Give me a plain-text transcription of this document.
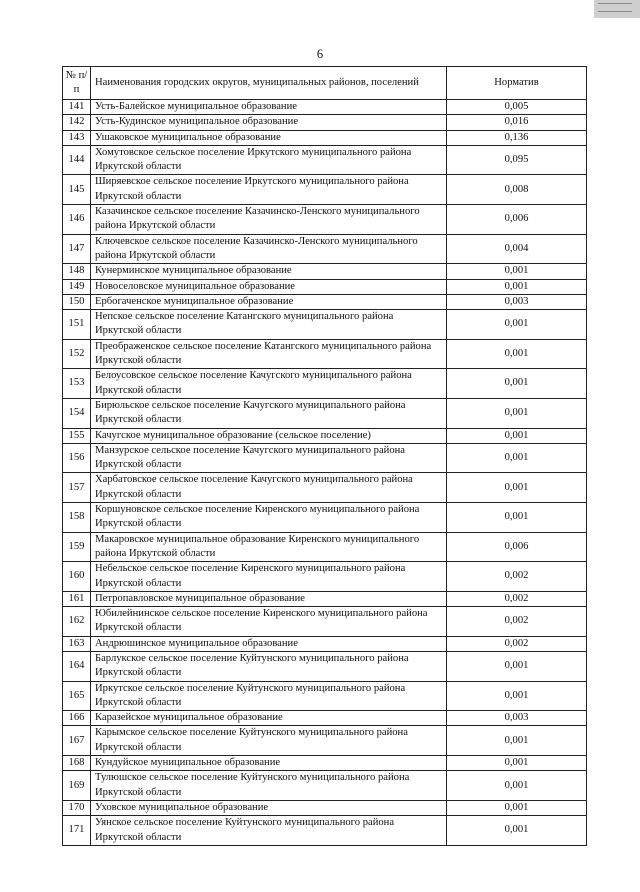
6
№ п/п	Наименования городских округов, муниципальных районов, поселений	Норматив
141	Усть-Балейское муниципальное образование	0,005
142	Усть-Кудинское муниципальное образование	0,016
143	Ушаковское муниципальное образование	0,136
144	Хомутовское сельское поселение Иркутского муниципального района Иркутской области	0,095
145	Ширяевское сельское поселение Иркутского муниципального района Иркутской области	0,008
146	Казачинское сельское поселение Казачинско-Ленского муниципального района Иркутской области	0,006
147	Ключевское сельское поселение Казачинско-Ленского муниципального района Иркутской области	0,004
148	Кунерминское муниципальное образование	0,001
149	Новоселовское муниципальное образование	0,001
150	Ербогаченское муниципальное образование	0,003
151	Непское сельское поселение Катангского муниципального района Иркутской области	0,001
152	Преображенское сельское поселение Катангского муниципального района Иркутской области	0,001
153	Белоусовское сельское поселение Качугского муниципального района Иркутской области	0,001
154	Бирюльское сельское поселение Качугского муниципального района Иркутской области	0,001
155	Качугское муниципальное образование (сельское поселение)	0,001
156	Манзурское сельское поселение Качугского муниципального района Иркутской области	0,001
157	Харбатовское сельское поселение Качугского муниципального района Иркутской области	0,001
158	Коршуновское сельское поселение Киренского муниципального района Иркутской области	0,001
159	Макаровское муниципальное образование Киренского муниципального района Иркутской области	0,006
160	Небельское сельское поселение Киренского муниципального района Иркутской области	0,002
161	Петропавловское муниципальное образование	0,002
162	Юбилейнинское сельское поселение Киренского муниципального района Иркутской области	0,002
163	Андрюшинское муниципальное образование	0,002
164	Барлукское сельское поселение Куйтунского муниципального района Иркутской области	0,001
165	Иркутское сельское поселение Куйтунского муниципального района Иркутской области	0,001
166	Каразейское муниципальное образование	0,003
167	Карымское сельское поселение Куйтунского муниципального района Иркутской области	0,001
168	Кундуйское муниципальное образование	0,001
169	Тулюшское сельское поселение Куйтунского муниципального района Иркутской области	0,001
170	Уховское муниципальное образование	0,001
171	Уянское сельское поселение Куйтунского муниципального района Иркутской области	0,001
